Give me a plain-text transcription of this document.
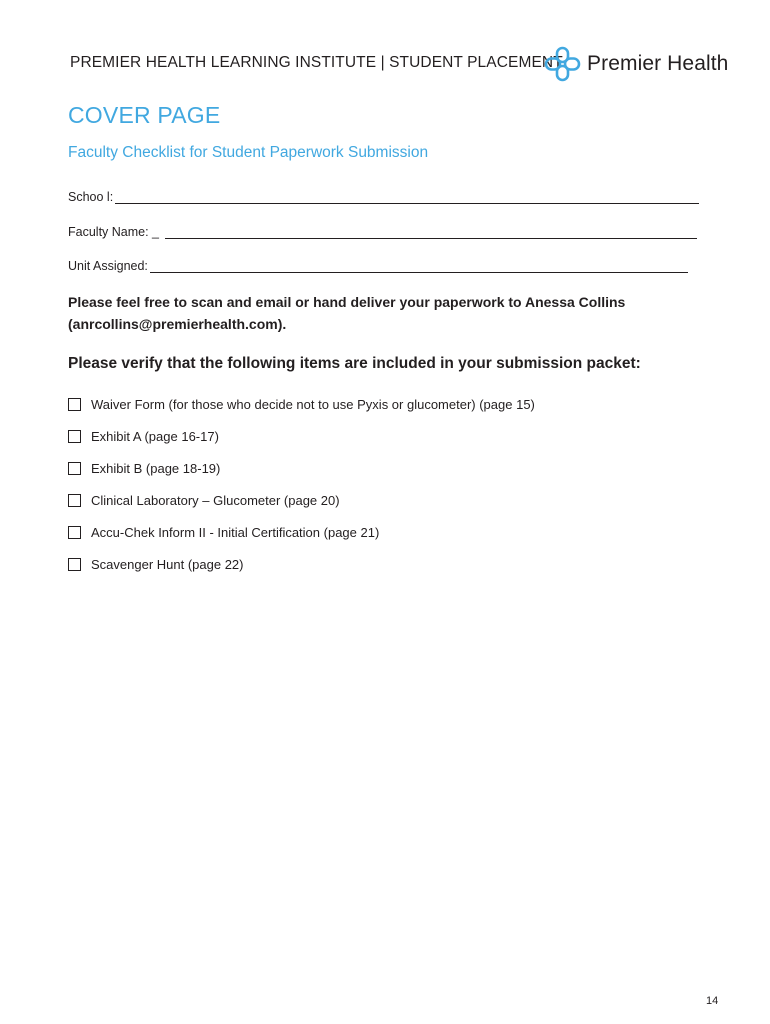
PREMIER HEALTH LEARNING INSTITUTE | STUDENT PLACEMENT Premier Health
COVER PAGE
Faculty Checklist for Student Paperwork Submission
Schoo l:
Faculty Name: _
Unit Assigned:
Please feel free to scan and email or hand deliver your paperwork to Anessa Collins (anrcollins@premierhealth.com).
Please verify that the following items are included in your submission packet:
Waiver Form (for those who decide not to use Pyxis or glucometer) (page 15)
Exhibit A (page 16-17)
Exhibit B (page 18-19)
Clinical Laboratory – Glucometer (page 20)
Accu-Chek Inform II - Initial Certification (page 21)
Scavenger Hunt (page 22)
14
